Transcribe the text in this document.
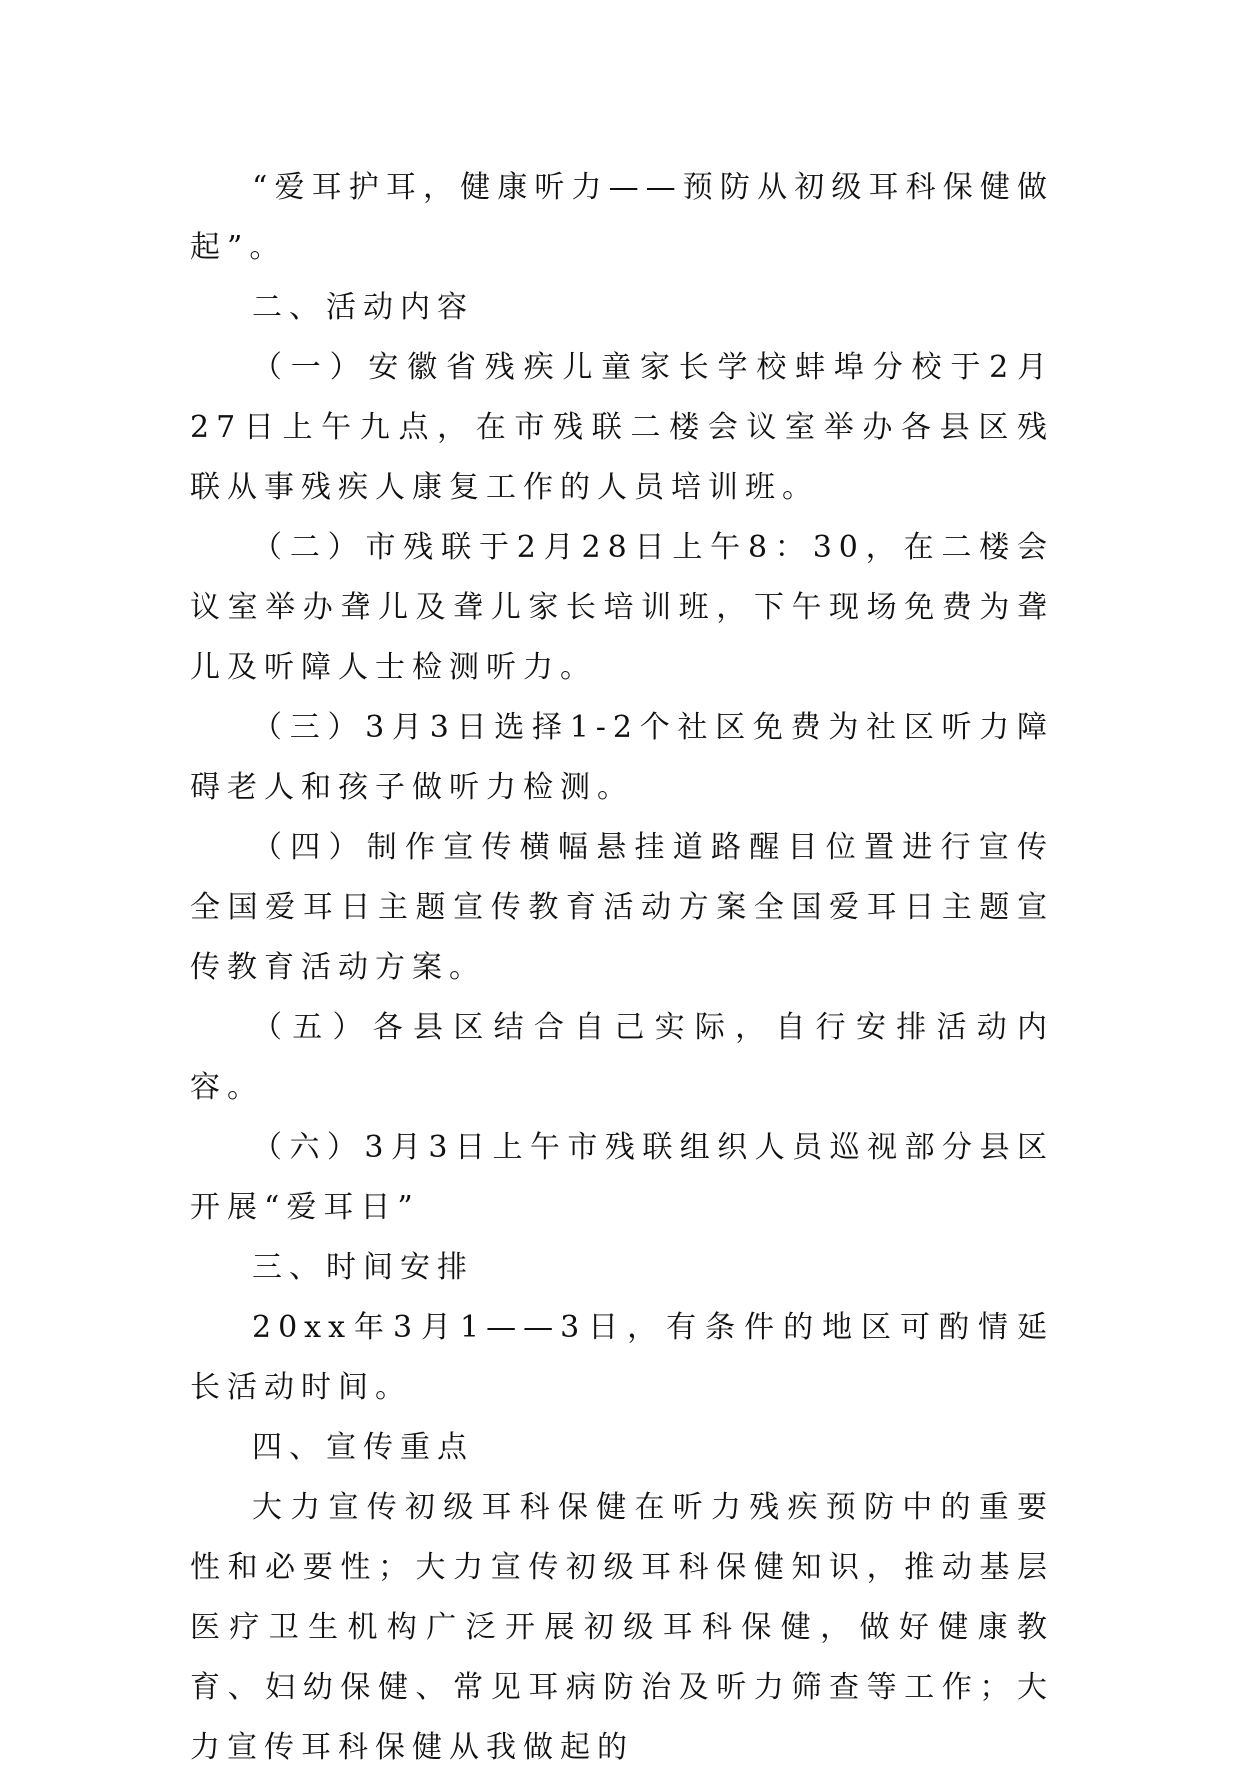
“爱耳护耳，健康听力——预防从初级耳科保健做起”。

二、活动内容

（一）安徽省残疾儿童家长学校蚌埠分校于2月27日上午九点，在市残联二楼会议室举办各县区残联从事残疾人康复工作的人员培训班。

（二）市残联于2月28日上午8：30，在二楼会议室举办聋儿及聋儿家长培训班，下午现场免费为聋儿及听障人士检测听力。

（三）3月3日选择1-2个社区免费为社区听力障碍老人和孩子做听力检测。

（四）制作宣传横幅悬挂道路醒目位置进行宣传全国爱耳日主题宣传教育活动方案全国爱耳日主题宣传教育活动方案。

（五）各县区结合自己实际，自行安排活动内容。

（六）3月3日上午市残联组织人员巡视部分县区开展“爱耳日”

三、时间安排

20xx年3月1——3日，有条件的地区可酌情延长活动时间。

四、宣传重点

大力宣传初级耳科保健在听力残疾预防中的重要性和必要性；大力宣传初级耳科保健知识，推动基层医疗卫生机构广泛开展初级耳科保健，做好健康教育、妇幼保健、常见耳病防治及听力筛查等工作；大力宣传耳科保健从我做起的
